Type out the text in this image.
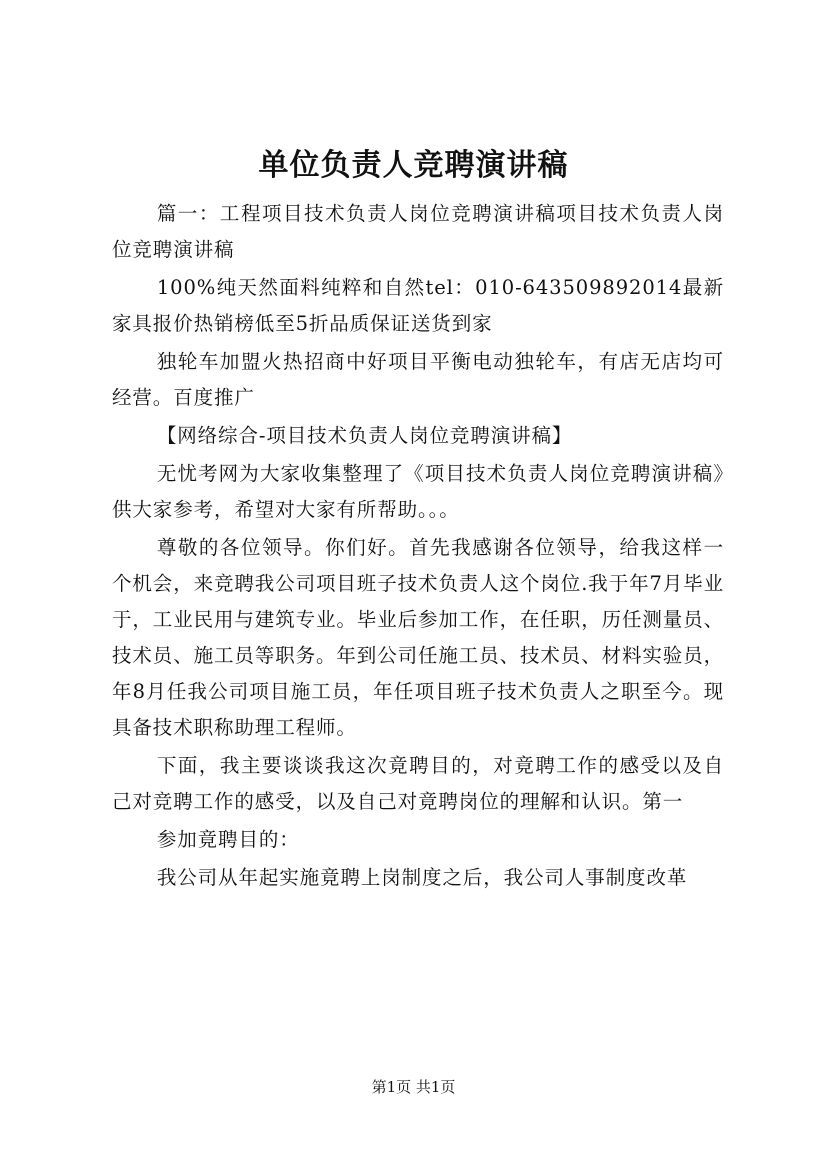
单位负责人竞聘演讲稿

篇一：工程项目技术负责人岗位竞聘演讲稿项目技术负责人岗位竞聘演讲稿

100%纯天然面料纯粹和自然tel：010-643509892014最新家具报价热销榜低至5折品质保证送货到家

独轮车加盟火热招商中好项目平衡电动独轮车，有店无店均可经营。百度推广

【网络综合-项目技术负责人岗位竞聘演讲稿】

无忧考网为大家收集整理了《项目技术负责人岗位竞聘演讲稿》供大家参考，希望对大家有所帮助。。。

尊敬的各位领导。你们好。首先我感谢各位领导，给我这样一个机会，来竞聘我公司项目班子技术负责人这个岗位.我于年7月毕业于，工业民用与建筑专业。毕业后参加工作，在任职，历任测量员、技术员、施工员等职务。年到公司任施工员、技术员、材料实验员，年8月任我公司项目施工员，年任项目班子技术负责人之职至今。现具备技术职称助理工程师。

下面，我主要谈谈我这次竟聘目的，对竟聘工作的感受以及自己对竞聘工作的感受，以及自己对竟聘岗位的理解和认识。第一

参加竟聘目的：

我公司从年起实施竟聘上岗制度之后，我公司人事制度改革

第1页 共1页
